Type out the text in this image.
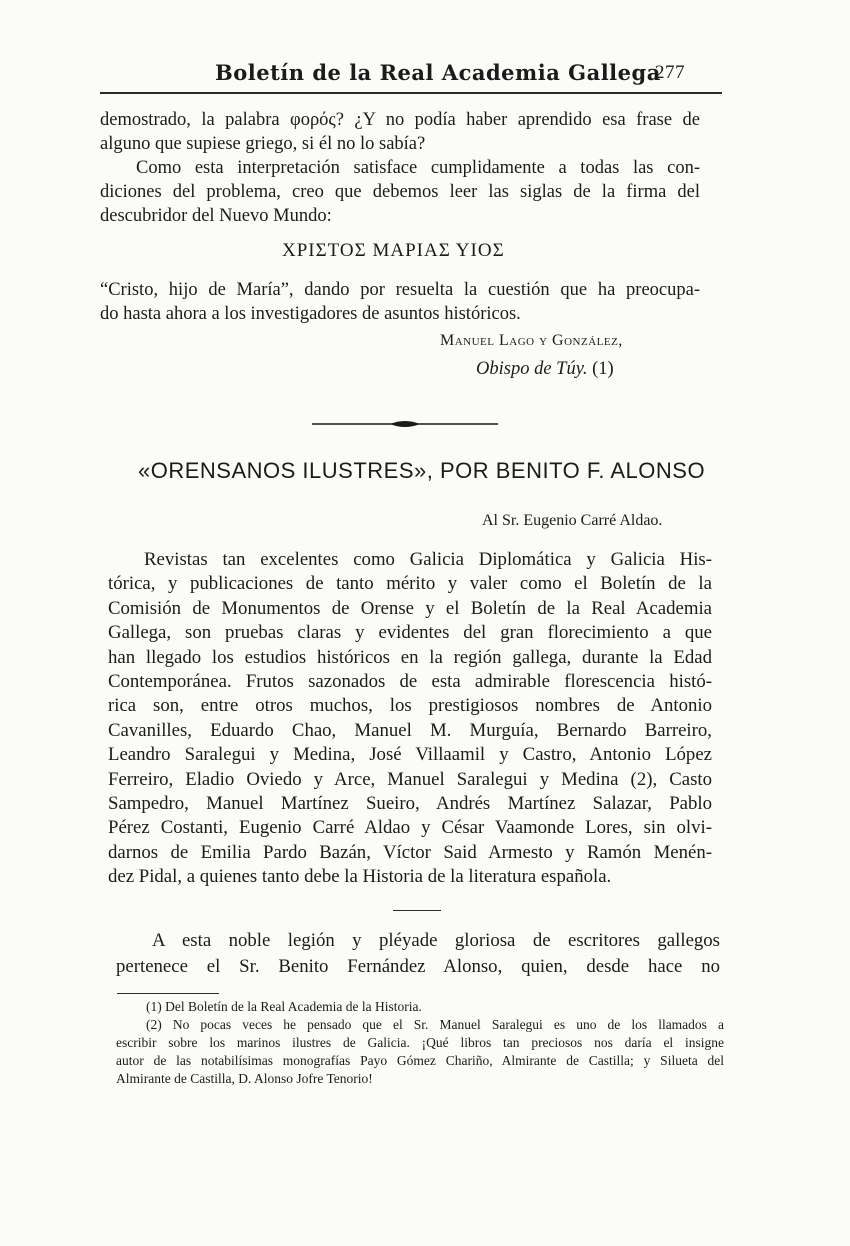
Boletín de la Real Academia Gallega
277
demostrado, la palabra φορός? ¿Y no podía haber aprendido esa frase de
alguno que supiese griego, si él no lo sabía?
Como esta interpretación satisface cumplidamente a todas las con-
diciones del problema, creo que debemos leer las siglas de la firma del
descubridor del Nuevo Mundo:
ΧΡΙΣΤΟΣ ΜΑΡΙΑΣ ΥΙΟΣ
“Cristo, hijo de María”, dando por resuelta la cuestión que ha preocupa-
do hasta ahora a los investigadores de asuntos históricos.
Manuel Lago y González,
Obispo de Túy. (1)
«ORENSANOS ILUSTRES», POR BENITO F. ALONSO
Al Sr. Eugenio Carré Aldao.
Revistas tan excelentes como Galicia Diplomática y Galicia His-
tórica, y publicaciones de tanto mérito y valer como el Boletín de la
Comisión de Monumentos de Orense y el Boletín de la Real Academia
Gallega, son pruebas claras y evidentes del gran florecimiento a que
han llegado los estudios históricos en la región gallega, durante la Edad
Contemporánea. Frutos sazonados de esta admirable florescencia histó-
rica son, entre otros muchos, los prestigiosos nombres de Antonio
Cavanilles, Eduardo Chao, Manuel M. Murguía, Bernardo Barreiro,
Leandro Saralegui y Medina, José Villaamil y Castro, Antonio López
Ferreiro, Eladio Oviedo y Arce, Manuel Saralegui y Medina (2), Casto
Sampedro, Manuel Martínez Sueiro, Andrés Martínez Salazar, Pablo
Pérez Costanti, Eugenio Carré Aldao y César Vaamonde Lores, sin olvi-
darnos de Emilia Pardo Bazán, Víctor Said Armesto y Ramón Menén-
dez Pidal, a quienes tanto debe la Historia de la literatura española.
A esta noble legión y pléyade gloriosa de escritores gallegos
pertenece el Sr. Benito Fernández Alonso, quien, desde hace no
(1) Del Boletín de la Real Academia de la Historia.
(2) No pocas veces he pensado que el Sr. Manuel Saralegui es uno de los llamados a
escribir sobre los marinos ilustres de Galicia. ¡Qué libros tan preciosos nos daría el insigne
autor de las notabilísimas monografías Payo Gómez Chariño, Almirante de Castilla; y Silueta del
Almirante de Castilla, D. Alonso Jofre Tenorio!
